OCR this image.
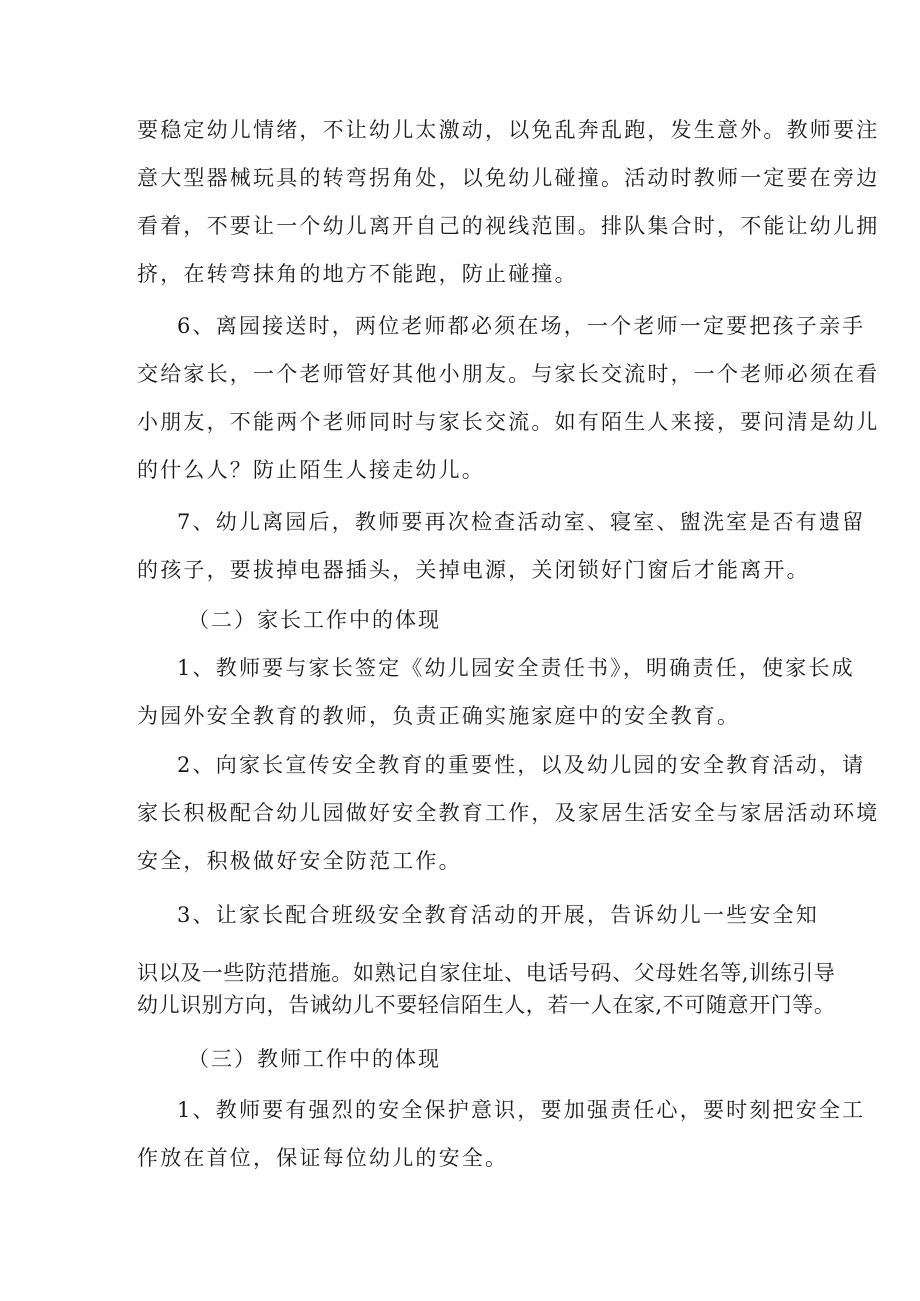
要稳定幼儿情绪，不让幼儿太激动，以免乱奔乱跑，发生意外。教师要注
意大型器械玩具的转弯拐角处，以免幼儿碰撞。活动时教师一定要在旁边
看着，不要让一个幼儿离开自己的视线范围。排队集合时，不能让幼儿拥
挤，在转弯抹角的地方不能跑，防止碰撞。
6、离园接送时，两位老师都必须在场，一个老师一定要把孩子亲手
交给家长，一个老师管好其他小朋友。与家长交流时，一个老师必须在看
小朋友，不能两个老师同时与家长交流。如有陌生人来接，要问清是幼儿
的什么人？防止陌生人接走幼儿。
7、幼儿离园后，教师要再次检查活动室、寝室、盥洗室是否有遗留
的孩子，要拔掉电器插头，关掉电源，关闭锁好门窗后才能离开。
（二）家长工作中的体现
1、教师要与家长签定《幼儿园安全责任书》，明确责任，使家长成
为园外安全教育的教师，负责正确实施家庭中的安全教育。
2、向家长宣传安全教育的重要性，以及幼儿园的安全教育活动，请
家长积极配合幼儿园做好安全教育工作，及家居生活安全与家居活动环境
安全，积极做好安全防范工作。
3、让家长配合班级安全教育活动的开展，告诉幼儿一些安全知
识以及一些防范措施。如熟记自家住址、电话号码、父母姓名等,训练引导
幼儿识别方向，告诫幼儿不要轻信陌生人，若一人在家,不可随意开门等。
（三）教师工作中的体现
1、教师要有强烈的安全保护意识，要加强责任心，要时刻把安全工
作放在首位，保证每位幼儿的安全。
